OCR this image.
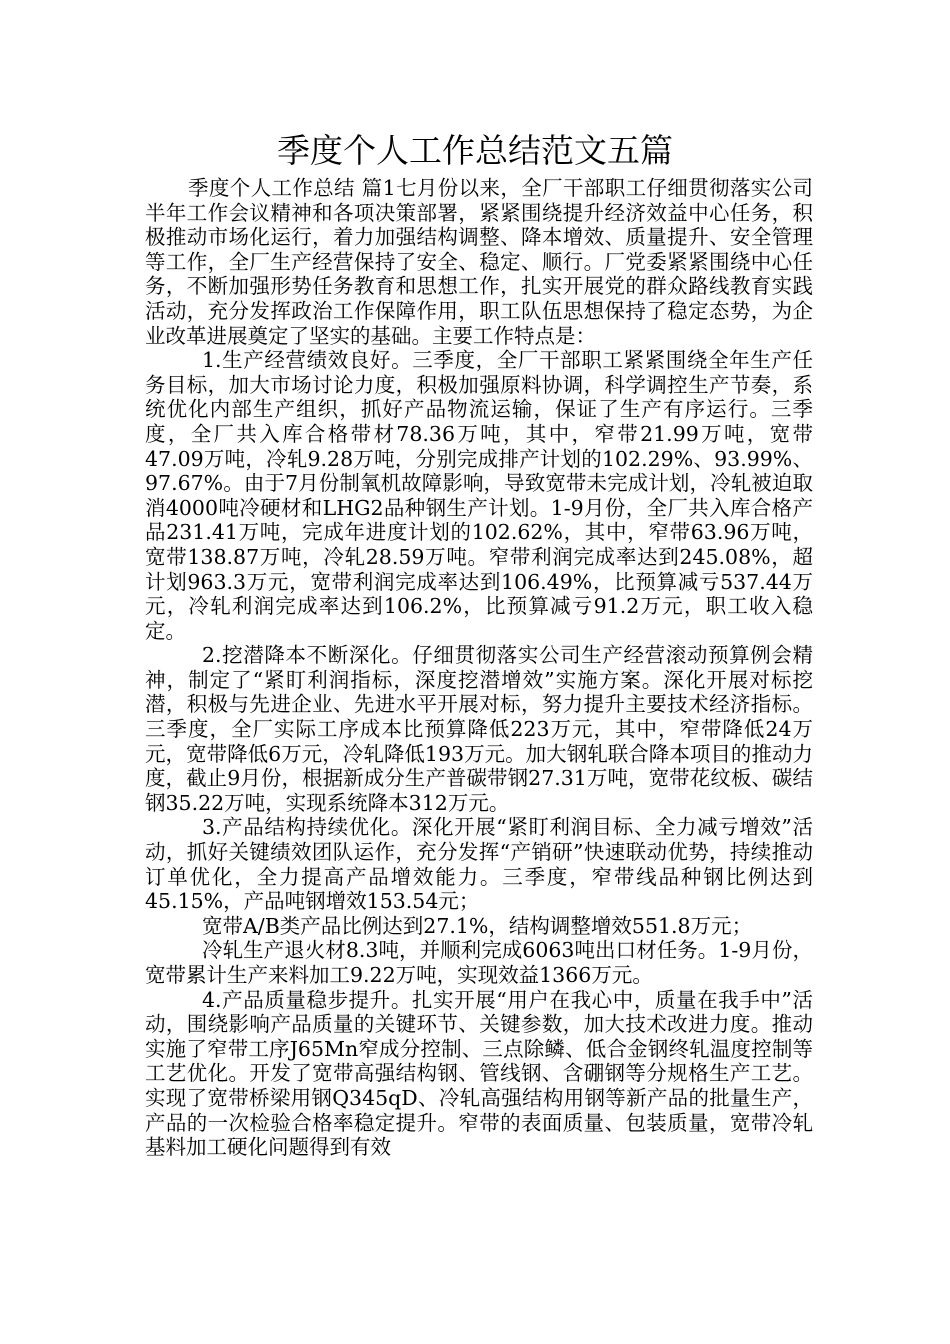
季度个人工作总结范文五篇

季度个人工作总结 篇1七月份以来，全厂干部职工仔细贯彻落实公司半年工作会议精神和各项决策部署，紧紧围绕提升经济效益中心任务，积极推动市场化运行，着力加强结构调整、降本增效、质量提升、安全管理等工作，全厂生产经营保持了安全、稳定、顺行。厂党委紧紧围绕中心任务，不断加强形势任务教育和思想工作，扎实开展党的群众路线教育实践活动，充分发挥政治工作保障作用，职工队伍思想保持了稳定态势，为企业改革进展奠定了坚实的基础。主要工作特点是：

1.生产经营绩效良好。三季度，全厂干部职工紧紧围绕全年生产任务目标，加大市场讨论力度，积极加强原料协调，科学调控生产节奏，系统优化内部生产组织，抓好产品物流运输，保证了生产有序运行。三季度，全厂共入库合格带材78.36万吨，其中，窄带21.99万吨，宽带47.09万吨，冷轧9.28万吨，分别完成排产计划的102.29%、93.99%、97.67%。由于7月份制氧机故障影响，导致宽带未完成计划，冷轧被迫取消4000吨冷硬材和LHG2品种钢生产计划。1-9月份，全厂共入库合格产品231.41万吨，完成年进度计划的102.62%，其中，窄带63.96万吨，宽带138.87万吨，冷轧28.59万吨。窄带利润完成率达到245.08%，超计划963.3万元，宽带利润完成率达到106.49%，比预算减亏537.44万元，冷轧利润完成率达到106.2%，比预算减亏91.2万元，职工收入稳定。

2.挖潜降本不断深化。仔细贯彻落实公司生产经营滚动预算例会精神，制定了“紧盯利润指标，深度挖潜增效”实施方案。深化开展对标挖潜，积极与先进企业、先进水平开展对标，努力提升主要技术经济指标。三季度，全厂实际工序成本比预算降低223万元，其中，窄带降低24万元，宽带降低6万元，冷轧降低193万元。加大钢轧联合降本项目的推动力度，截止9月份，根据新成分生产普碳带钢27.31万吨，宽带花纹板、碳结钢35.22万吨，实现系统降本312万元。

3.产品结构持续优化。深化开展“紧盯利润目标、全力减亏增效”活动，抓好关键绩效团队运作，充分发挥“产销研”快速联动优势，持续推动订单优化，全力提高产品增效能力。三季度，窄带线品种钢比例达到45.15%，产品吨钢增效153.54元；

宽带A/B类产品比例达到27.1%，结构调整增效551.8万元；

冷轧生产退火材8.3吨，并顺利完成6063吨出口材任务。1-9月份，宽带累计生产来料加工9.22万吨，实现效益1366万元。

4.产品质量稳步提升。扎实开展“用户在我心中，质量在我手中”活动，围绕影响产品质量的关键环节、关键参数，加大技术改进力度。推动实施了窄带工序J65Mn窄成分控制、三点除鳞、低合金钢终轧温度控制等工艺优化。开发了宽带高强结构钢、管线钢、含硼钢等分规格生产工艺。实现了宽带桥梁用钢Q345qD、冷轧高强结构用钢等新产品的批量生产，产品的一次检验合格率稳定提升。窄带的表面质量、包装质量，宽带冷轧基料加工硬化问题得到有效
